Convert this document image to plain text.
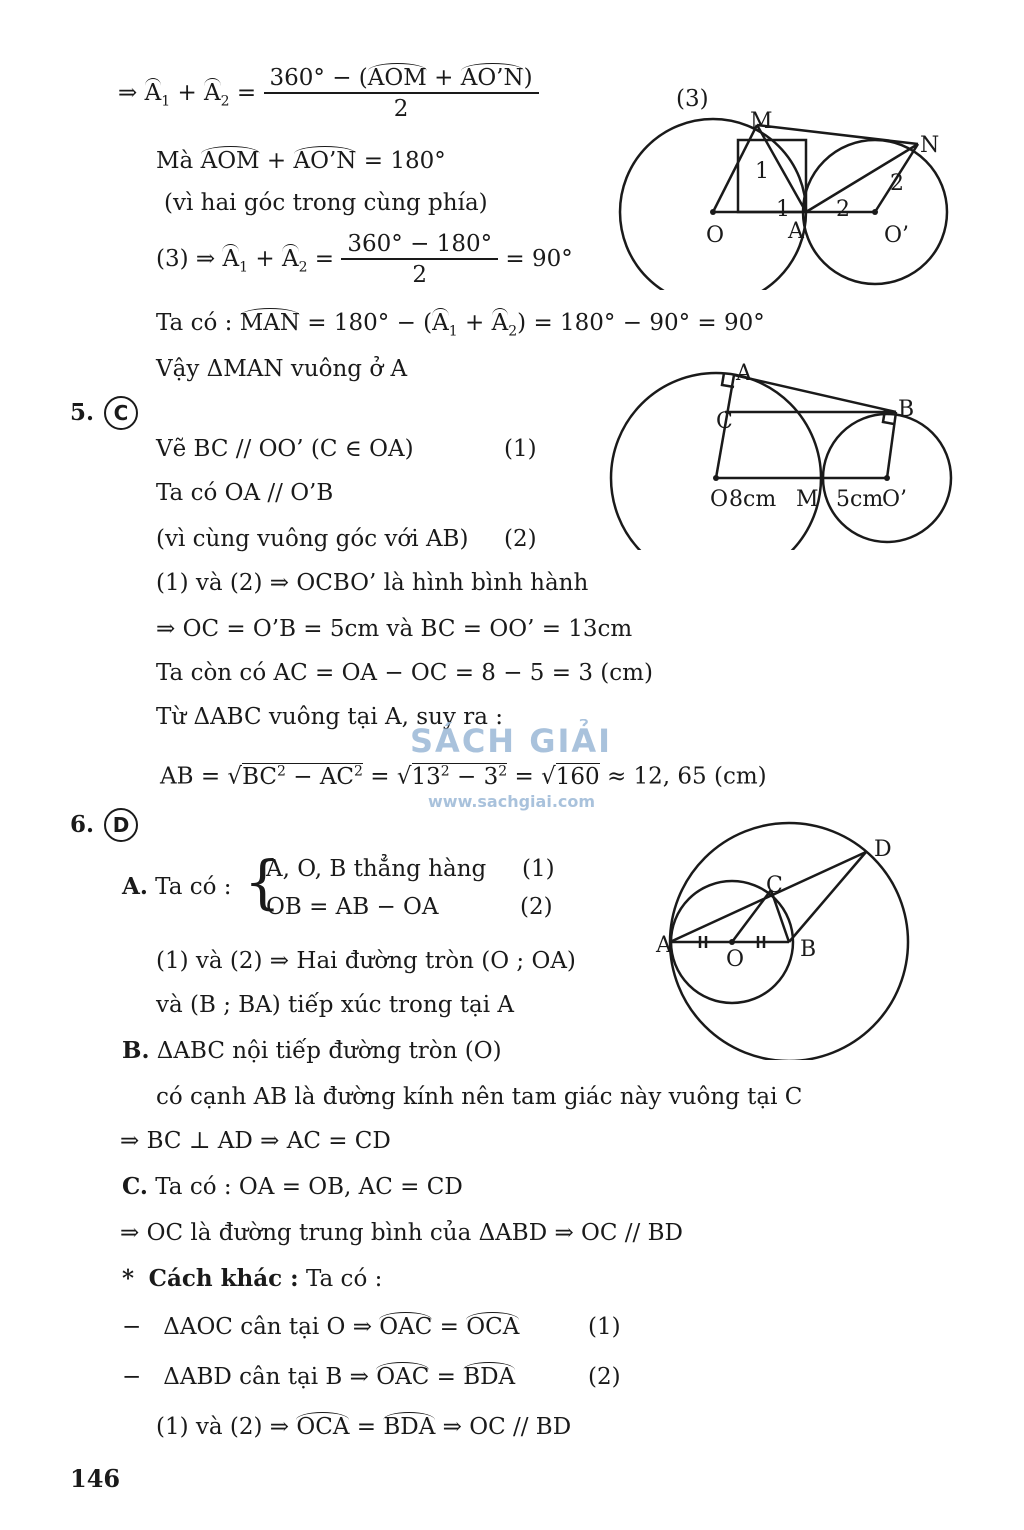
⇒ $A_1 + A_2 = \frac{\text{360° − (AOM + AO’N)}}{2}$	(3)
Mà AOM + AO’N = 180°
(vì hai góc trong cùng phía)
(3) ⇒ $A_1 + A_2 = \frac{360^\circ - 180^\circ}{2} = 90^\circ$
Ta có : MAN = $180^\circ - (A_1 + A_2) = 180^\circ - 90^\circ = 90^\circ$
Vậy ΔMAN vuông ở A
M
N
O	A	O’
1
1 2
2
5. C
Vẽ BC // OO’ (C ∈ OA)	(1)
Ta có OA // O’B
(vì cùng vuông góc với AB) (2)
(1) và (2) ⇒ OCBO’ là hình bình hành
⇒ OC = O’B = 5cm và BC = OO’ = 13cm
Ta còn có AC = OA − OC = 8 − 5 = 3 (cm)
Từ ΔABC vuông tại A, suy ra :
AB = $√BC^2 - AC^2 = √13^2 - 3^2 = √160 \approx 12$, 65 (cm)
A
B
C
O 8cm M 5cm
O’
SÁCH GIẢI
www.sachgiai.com
6. D
A. Ta có : {
A, O, B thẳng hàng (1)
OB = AB − OA	(2)
(1) và (2) ⇒ Hai đường tròn (O ; OA)
và (B ; BA) tiếp xúc trong tại A
B. ΔABC nội tiếp đường tròn (O)
có cạnh AB là đường kính nên tam giác này vuông tại C
⇒ BC ⊥ AD ⇒ AC = CD
C. Ta có : OA = OB, AC = CD
⇒ OC là đường trung bình của ΔABD ⇒ OC // BD
* Cách khác : Ta có :
− ΔAOC cân tại O ⇒ OAC = OCA	(1)
− ΔABD cân tại B ⇒ OAC = BDA	(2)
(1) và (2) ⇒ OCA = BDA ⇒ OC // BD
A
O	B
C
D
146
